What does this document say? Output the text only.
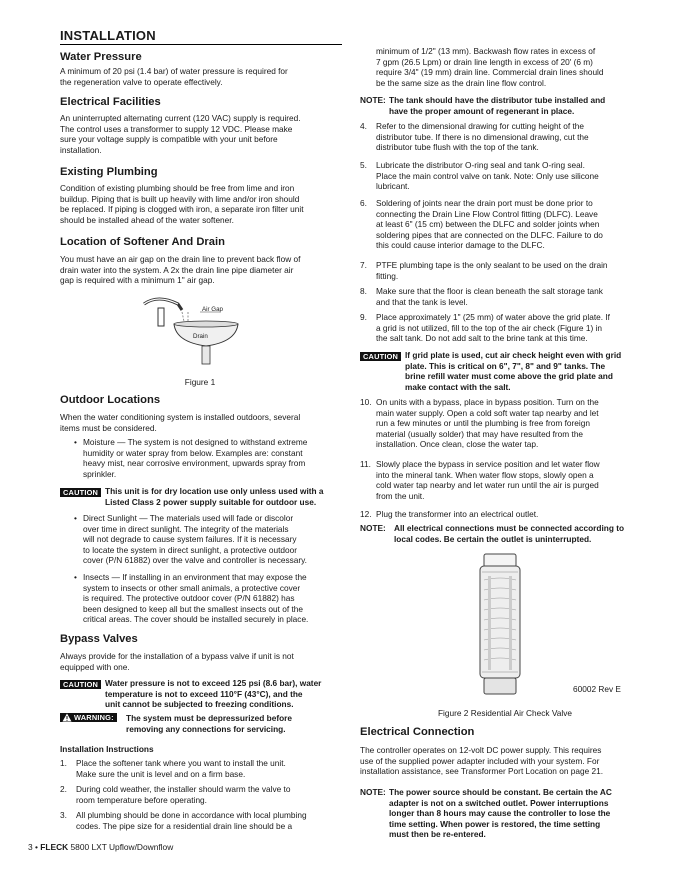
INSTALLATION
Water Pressure
A minimum of 20 psi (1.4 bar) of water pressure is required for
the regeneration valve to operate effectively.
Electrical Facilities
An uninterrupted alternating current (120 VAC) supply is required.
The control uses a transformer to supply 12 VDC. Please make
sure your voltage supply is compatible with your unit before
installation.
Existing Plumbing
Condition of existing plumbing should be free from lime and iron
buildup. Piping that is built up heavily with lime and/or iron should
be replaced. If piping is clogged with iron, a separate iron filter unit
should be installed ahead of the water softener.
Location of Softener And Drain
You must have an air gap on the drain line to prevent back flow of
drain water into the system. A 2x the drain line pipe diameter air
gap is required with a minimum 1" air gap.
Air Gap
Drain
Figure 1
Outdoor Locations
When the water conditioning system is installed outdoors, several
items must be considered.
• Moisture — The system is not designed to withstand extreme
humidity or water spray from below. Examples are: constant
heavy mist, near corrosive environment, upwards spray from
sprinkler.
CAUTION This unit is for dry location use only unless used with a
Listed Class 2 power supply suitable for outdoor use.
• Direct Sunlight — The materials used will fade or discolor
over time in direct sunlight. The integrity of the materials
will not degrade to cause system failures. If it is necessary
to locate the system in direct sunlight, a protective outdoor
cover (P/N 61882) over the valve and controller is necessary.
• Insects — If installing in an environment that may expose the
system to insects or other small animals, a protective cover
is required. The protective outdoor cover (P/N 61882) has
been designed to keep all but the smallest insects out of the
critical areas. The cover should be installed securely in place.
Bypass Valves
Always provide for the installation of a bypass valve if unit is not
equipped with one.
CAUTION Water pressure is not to exceed 125 psi (8.6 bar), water
temperature is not to exceed 110°F (43°C), and the
unit cannot be subjected to freezing conditions.
WARNING:	The system must be depressurized before
removing any connections for servicing.
Installation Instructions
1. Place the softener tank where you want to install the unit.
Make sure the unit is level and on a firm base.
2. During cold weather, the installer should warm the valve to
room temperature before operating.
3. All plumbing should be done in accordance with local plumbing
codes. The pipe size for a residential drain line should be a
minimum of 1/2" (13 mm). Backwash flow rates in excess of
7 gpm (26.5 Lpm) or drain line length in excess of 20' (6 m)
require 3/4" (19 mm) drain line. Commercial drain lines should
be the same size as the drain line flow control.
NOTE: The tank should have the distributor tube installed and
have the proper amount of regenerant in place.
4. Refer to the dimensional drawing for cutting height of the
distributor tube. If there is no dimensional drawing, cut the
distributor tube flush with the top of the tank.
5. Lubricate the distributor O-ring seal and tank O-ring seal.
Place the main control valve on tank. Note: Only use silicone
lubricant.
6. Soldering of joints near the drain port must be done prior to
connecting the Drain Line Flow Control fitting (DLFC). Leave
at least 6" (15 cm) between the DLFC and solder joints when
soldering pipes that are connected on the DLFC. Failure to do
this could cause interior damage to the DLFC.
7. PTFE plumbing tape is the only sealant to be used on the drain
fitting.
8. Make sure that the floor is clean beneath the salt storage tank
and that the tank is level.
9. Place approximately 1" (25 mm) of water above the grid plate. If
a grid is not utilized, fill to the top of the air check (Figure 1) in
the salt tank. Do not add salt to the brine tank at this time.
CAUTION If grid plate is used, cut air check height even with grid
plate. This is critical on 6", 7", 8" and 9" tanks. The
brine refill water must come above the grid plate and
make contact with the salt.
10. On units with a bypass, place in bypass position. Turn on the
main water supply. Open a cold soft water tap nearby and let
run a few minutes or until the plumbing is free from foreign
material (usually solder) that may have resulted from the
installation. Once clean, close the water tap.
11. Slowly place the bypass in service position and let water flow
into the mineral tank. When water flow stops, slowly open a
cold water tap nearby and let water run until the air is purged
from the unit.
12. Plug the transformer into an electrical outlet.
NOTE: All electrical connections must be connected according to local codes. Be certain the outlet is uninterrupted.
60002 Rev E
Figure 2 Residential Air Check Valve
Electrical Connection
The controller operates on 12-volt DC power supply. This requires
use of the supplied power adapter included with your system. For
installation assistance, see Transformer Port Location on page 21.
NOTE: The power source should be constant. Be certain the AC
adapter is not on a switched outlet. Power interruptions
longer than 8 hours may cause the controller to lose the
time setting. When power is restored, the time setting
must then be re-entered.
3 • FLECK 5800 LXT Upflow/Downflow
